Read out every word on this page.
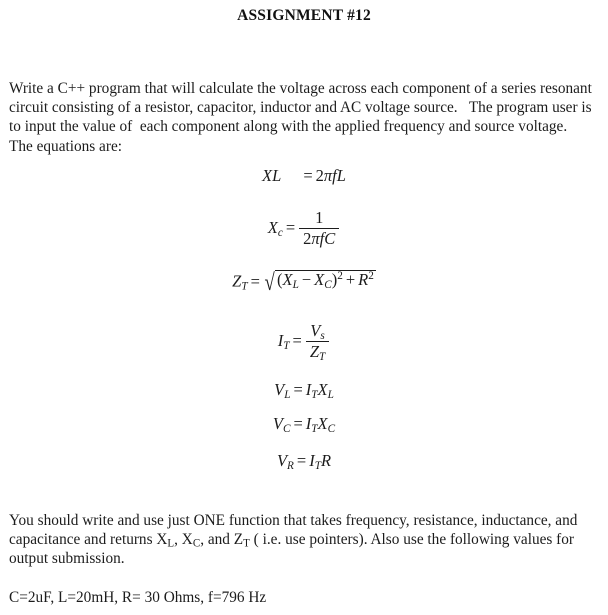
ASSIGNMENT #12
Write a C++ program that will calculate the voltage across each component of a series resonant circuit consisting of a resistor, capacitor, inductor and AC voltage source.   The program user is to input the value of  each component along with the applied frequency and source voltage.  The equations are:
XL = 2πfL
$X_c = \frac{1}{\text{2πfC}}$
$Z_T$ = √ $(X_L - X_C)^2 + R^2$
$I_T = \frac{V_s}{Z_T}$
$V_L = I_TX_L$
$V_C = I_TX_C$
$V_R = I_TR$
You should write and use just ONE function that takes frequency, resistance, inductance, and capacitance and returns $X_L$, $X_C$, and $Z_T$ ( i.e. use pointers). Also use the following values for output submission.
C=2uF, L=20mH, R= 30 Ohms, f=796 Hz
